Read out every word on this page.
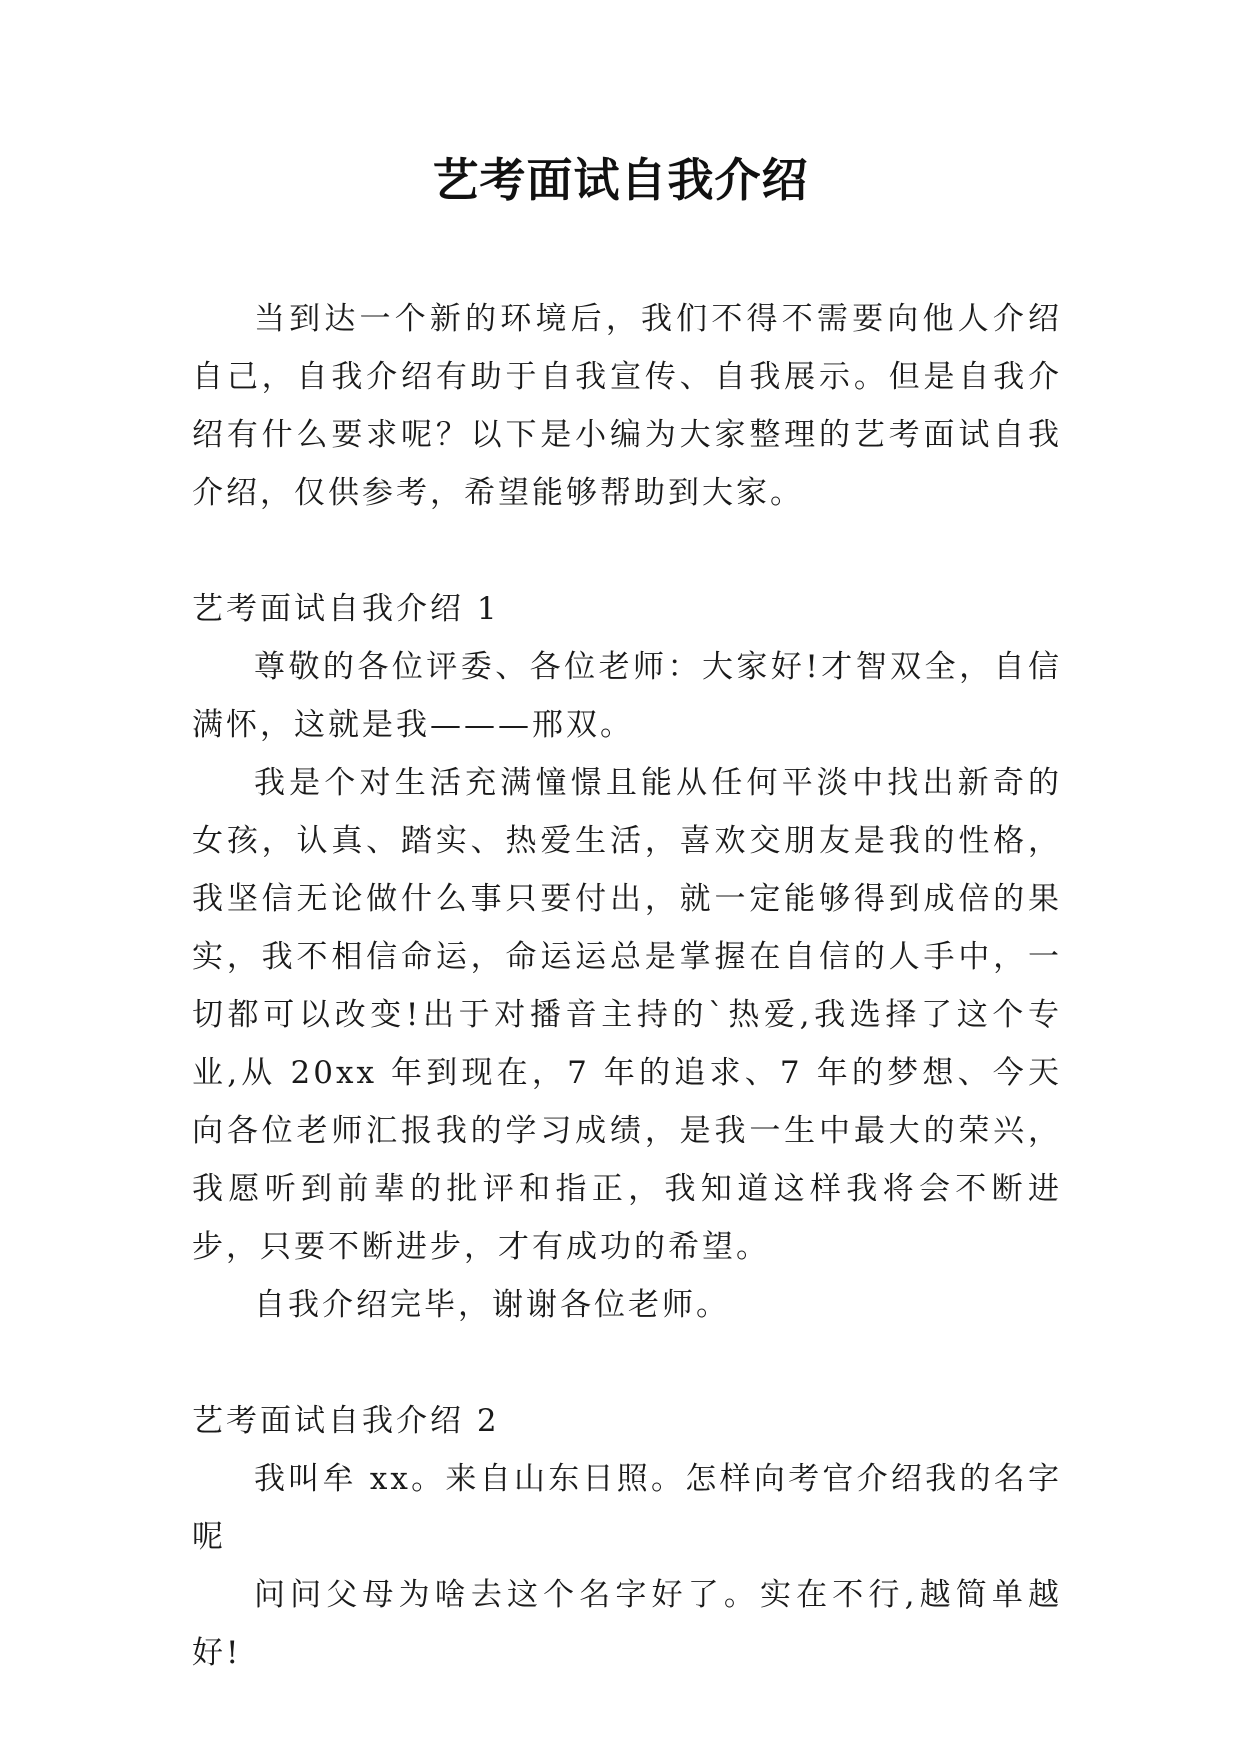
艺考面试自我介绍

当到达一个新的环境后，我们不得不需要向他人介绍自己，自我介绍有助于自我宣传、自我展示。但是自我介绍有什么要求呢？以下是小编为大家整理的艺考面试自我介绍，仅供参考，希望能够帮助到大家。

艺考面试自我介绍 1

尊敬的各位评委、各位老师：大家好!才智双全，自信满怀，这就是我———邢双。

我是个对生活充满憧憬且能从任何平淡中找出新奇的女孩，认真、踏实、热爱生活，喜欢交朋友是我的性格，我坚信无论做什么事只要付出，就一定能够得到成倍的果实，我不相信命运，命运运总是掌握在自信的人手中，一切都可以改变!出于对播音主持的`热爱,我选择了这个专业,从 20xx 年到现在，7 年的追求、7 年的梦想、今天向各位老师汇报我的学习成绩，是我一生中最大的荣兴，我愿听到前辈的批评和指正，我知道这样我将会不断进步，只要不断进步，才有成功的希望。

自我介绍完毕，谢谢各位老师。

艺考面试自我介绍 2

我叫牟 xx。来自山东日照。怎样向考官介绍我的名字呢

问问父母为啥去这个名字好了。实在不行,越简单越好!
